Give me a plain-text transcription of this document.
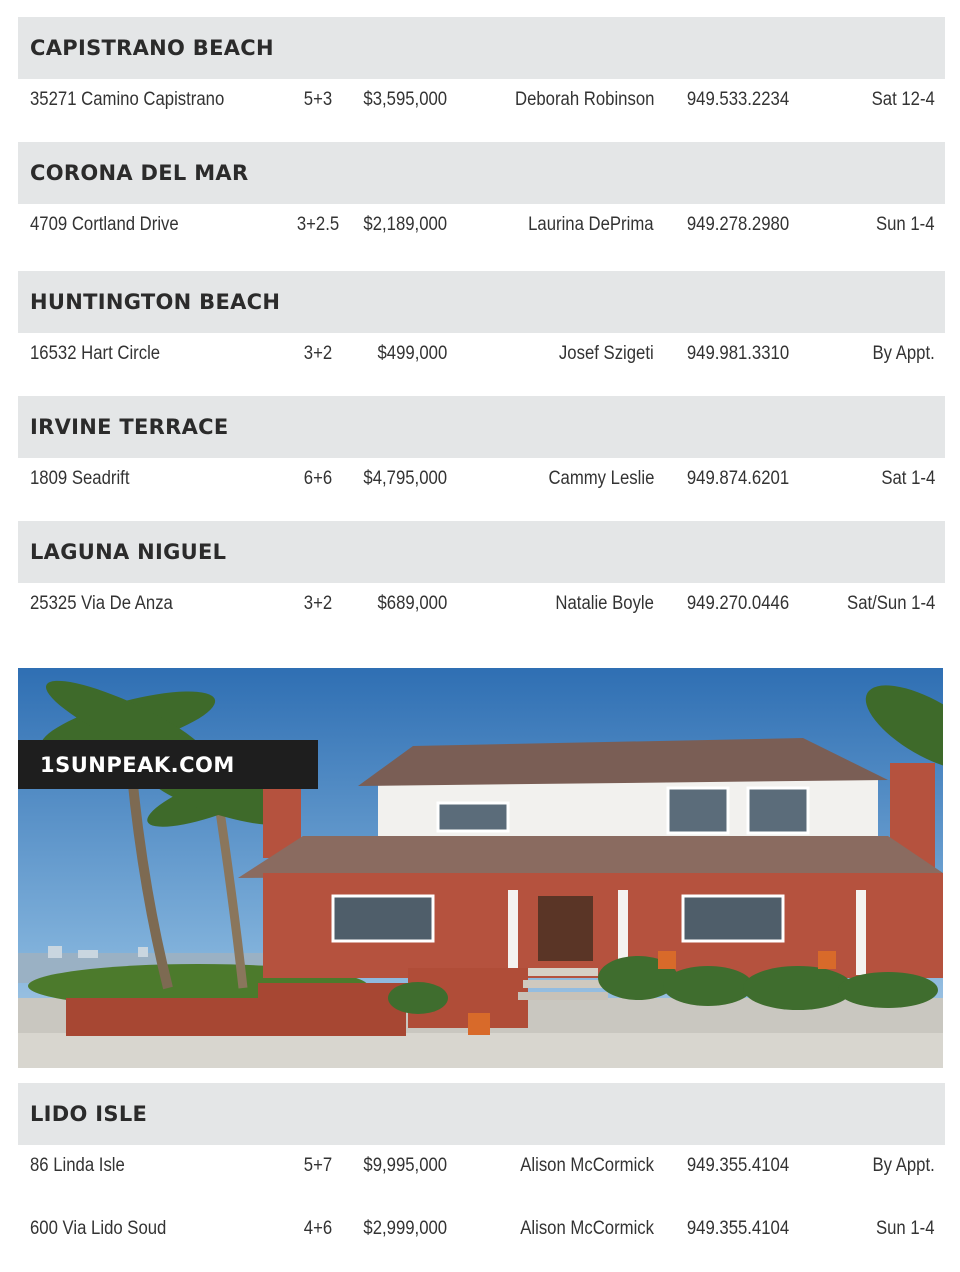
CAPISTRANO BEACH
35271 Camino Capistrano	5+3	$3,595,000	Deborah Robinson	949.533.2234	Sat 12-4
CORONA DEL MAR
4709 Cortland Drive	3+2.5 $2,189,000	Laurina DePrima	949.278.2980	Sun 1-4
HUNTINGTON BEACH
16532 Hart Circle	3+2	$499,000	Josef Szigeti	949.981.3310	By Appt.
IRVINE TERRACE
1809 Seadrift	6+6	$4,795,000	Cammy Leslie	949.874.6201	Sat 1-4
LAGUNA NIGUEL
25325 Via De Anza	3+2	$689,000	Natalie Boyle	949.270.0446	Sat/Sun 1-4
1SUNPEAK.COM
LIDO ISLE
86 Linda Isle	5+7	$9,995,000	Alison McCormick	949.355.4104	By Appt.
600 Via Lido Soud	4+6	$2,999,000	Alison McCormick	949.355.4104	Sun 1-4
